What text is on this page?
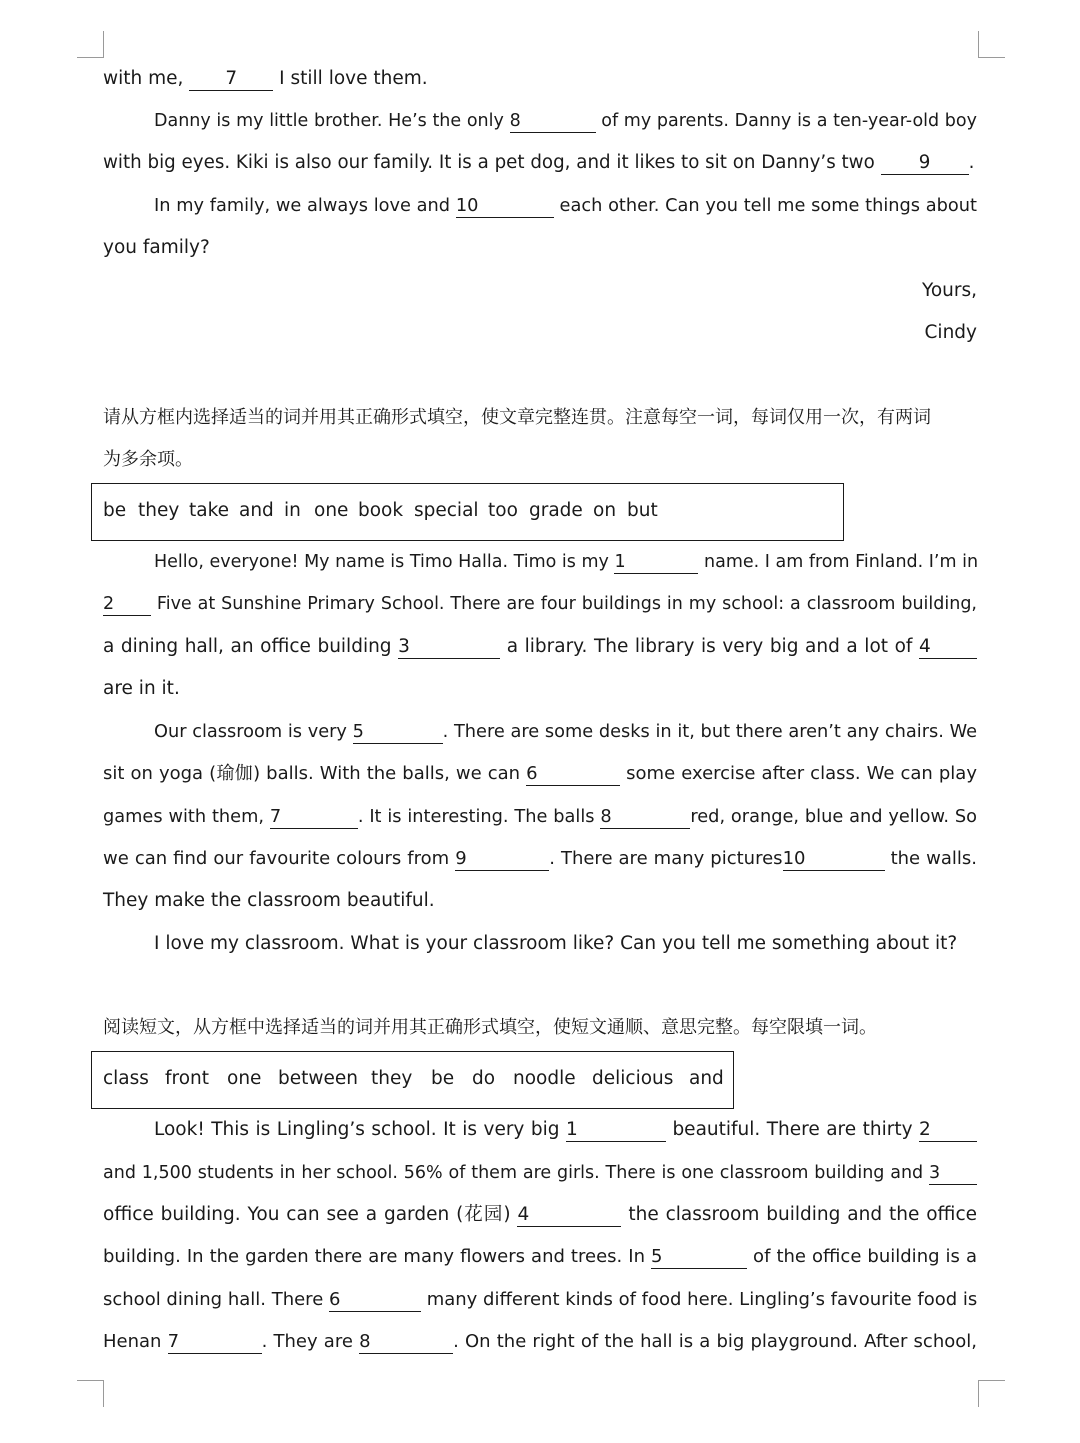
with me, 7 I still love them.
Danny is my little brother. He’s the only 8	of my parents. Danny is a ten-year-old boy
with big eyes. Kiki is also our family. It is a pet dog, and it likes to sit on Danny’s two 9 .
In my family, we always love and 10	each other. Can you tell me some things about
you family?
Yours,
Cindy
请从方框内选择适当的词并用其正确形式填空，使文章完整连贯。注意每空一词，每词仅用一次，有两词
为多余项。
be they take and in one book special too grade on but
Hello, everyone! My name is Timo Halla. Timo is my 1	name. I am from Finland. I’m in
2 Five at Sunshine Primary School. There are four buildings in my school: a classroom building,
a dining hall, an office building 3	a library. The library is very big and a lot of 4
are in it.
Our classroom is very 5	. There are some desks in it, but there aren’t any chairs. We
sit on yoga (瑜伽) balls. With the balls, we can 6	some exercise after class. We can play
games with them, 7	. It is interesting. The balls 8	red, orange, blue and yellow. So
we can find our favourite colours from 9	. There are many pictures10	the walls.
They make the classroom beautiful.
I love my classroom. What is your classroom like? Can you tell me something about it?
阅读短文，从方框中选择适当的词并用其正确形式填空，使短文通顺、意思完整。每空限填一词。
class front one between they be do noodle delicious and
Look! This is Lingling’s school. It is very big 1	beautiful. There are thirty 2
and 1,500 students in her school. 56% of them are girls. There is one classroom building and 3
office building. You can see a garden (花园) 4	the classroom building and the office
building. In the garden there are many flowers and trees. In 5	of the office building is a
school dining hall. There 6	many different kinds of food here. Lingling’s favourite food is
Henan 7	. They are 8	. On the right of the hall is a big playground. After school,
